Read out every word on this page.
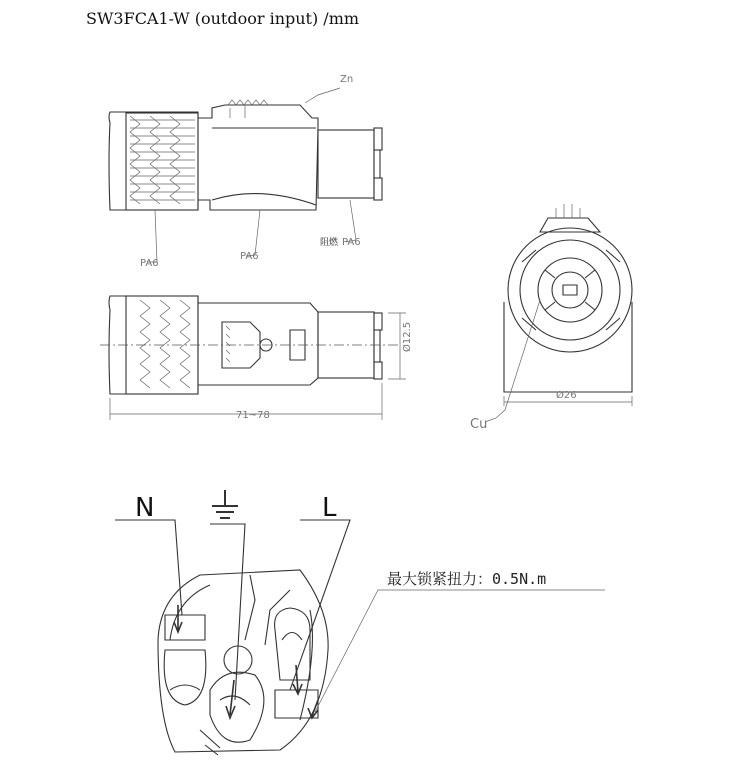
SW3FCA1-W (outdoor input) /mm
Zn
PA6
PA6
阻燃 PA6
Ø12.5
71~78
Ø26
Cu
N	L
最大锁紧扭力：0.5N.m
